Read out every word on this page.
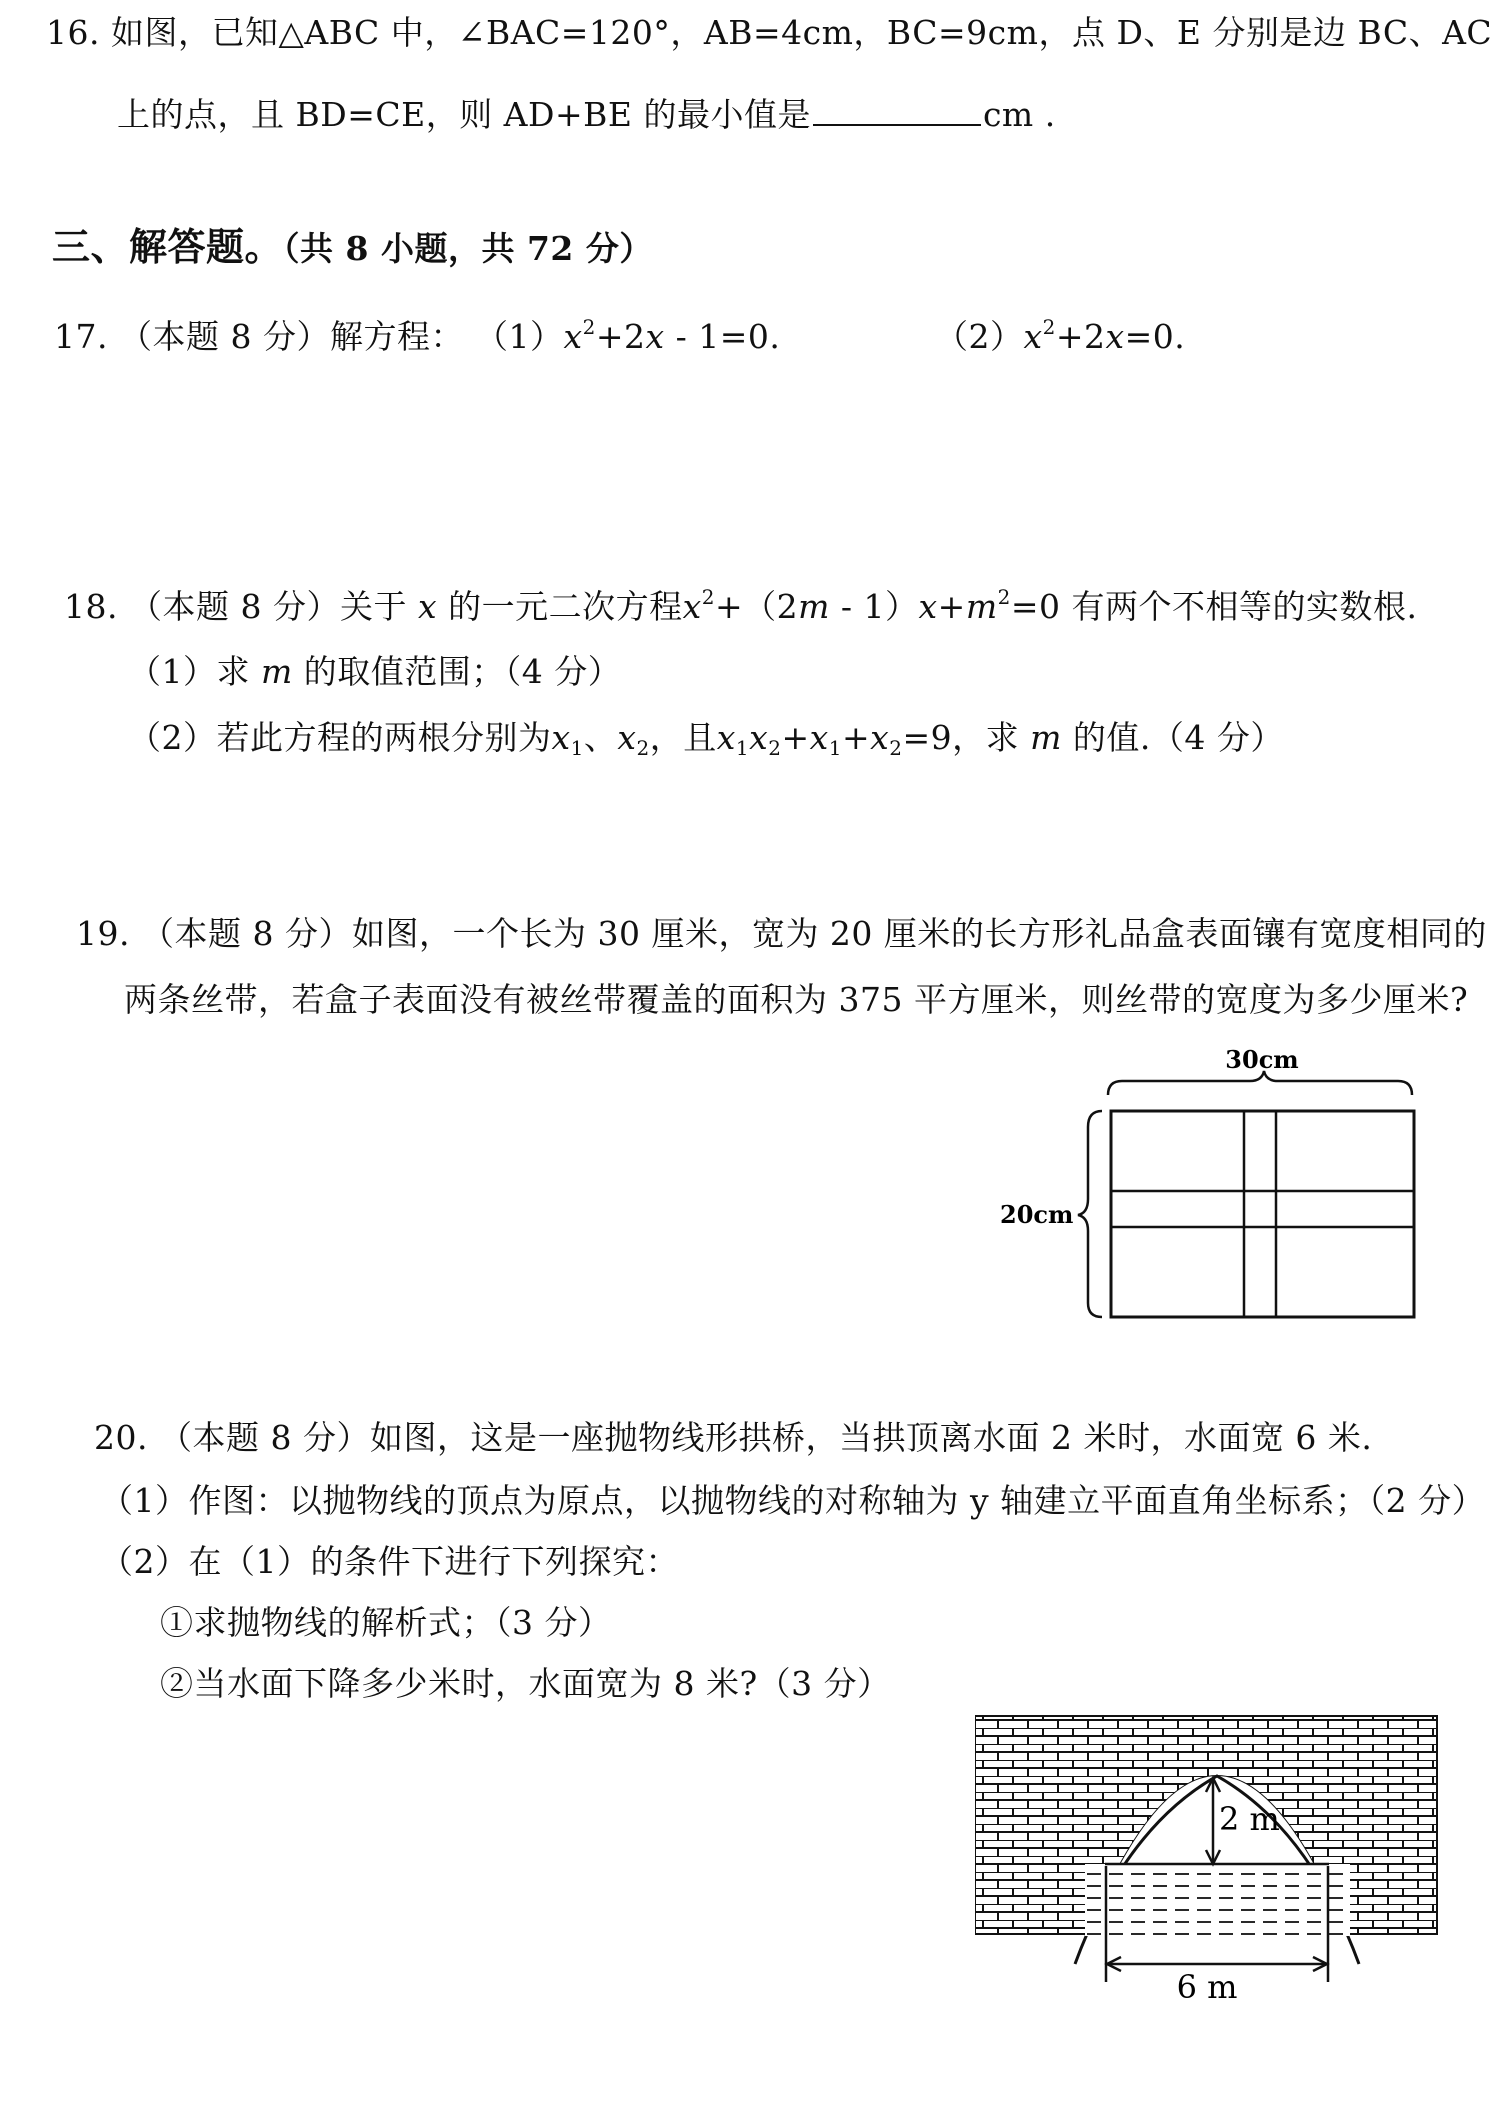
16. 如图，已知△ABC 中，∠BAC=120°，AB=4cm，BC=9cm，点 D、E 分别是边 BC、AC
上的点，且 BD=CE，则 AD+BE 的最小值是	cm .
三、解答题。（共 8 小题，共 72 分）
17. （本题 8 分）解方程： $(1)x^2+2x - 1=0$.	$(2)x^2+2x=0$.
18. （本题 8 分）关于 x 的一元二次方程$x^2+(2m - 1)x+m^2=0$ 有两个不相等的实数根.
（1）求 m 的取值范围；（4 分）
（2）若此方程的两根分别为$x_1$、$x_2$，且$x_1x_2+x_1+x_2=9$，求 m 的值.（4 分）
19. （本题 8 分）如图，一个长为 30 厘米，宽为 20 厘米的长方形礼品盒表面镶有宽度相同的
两条丝带，若盒子表面没有被丝带覆盖的面积为 375 平方厘米，则丝带的宽度为多少厘米?
30cm
20cm
20. （本题 8 分）如图，这是一座抛物线形拱桥，当拱顶离水面 2 米时，水面宽 6 米.
（1）作图：以抛物线的顶点为原点，以抛物线的对称轴为 y 轴建立平面直角坐标系；（2 分）
（2）在（1）的条件下进行下列探究：
①求抛物线的解析式；（3 分）
②当水面下降多少米时，水面宽为 8 米?（3 分）
2 m
6 m
